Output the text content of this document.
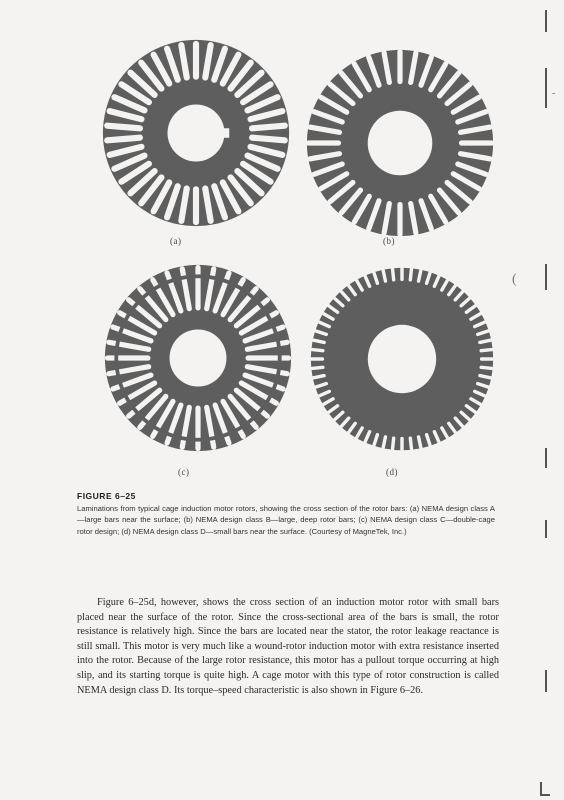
(a)	(b)
(c)	(d)
FIGURE 6–25
Laminations from typical cage induction motor rotors, showing the cross section of the rotor bars: (a) NEMA design class A—large bars near the surface; (b) NEMA design class B—large, deep rotor bars; (c) NEMA design class C—double-cage rotor design; (d) NEMA design class D—small bars near the surface. (Courtesy of MagneTek, Inc.)
Figure 6–25d, however, shows the cross section of an induction motor rotor with small bars placed near the surface of the rotor. Since the cross-sectional area of the bars is small, the rotor resistance is relatively high. Since the bars are located near the stator, the rotor leakage reactance is still small. This motor is very much like a wound-rotor induction motor with extra resistance inserted into the rotor. Because of the large rotor resistance, this motor has a pullout torque occurring at high slip, and its starting torque is quite high. A cage motor with this type of rotor construction is called NEMA design class D. Its torque–speed characteristic is also shown in Figure 6–26.
(
-
